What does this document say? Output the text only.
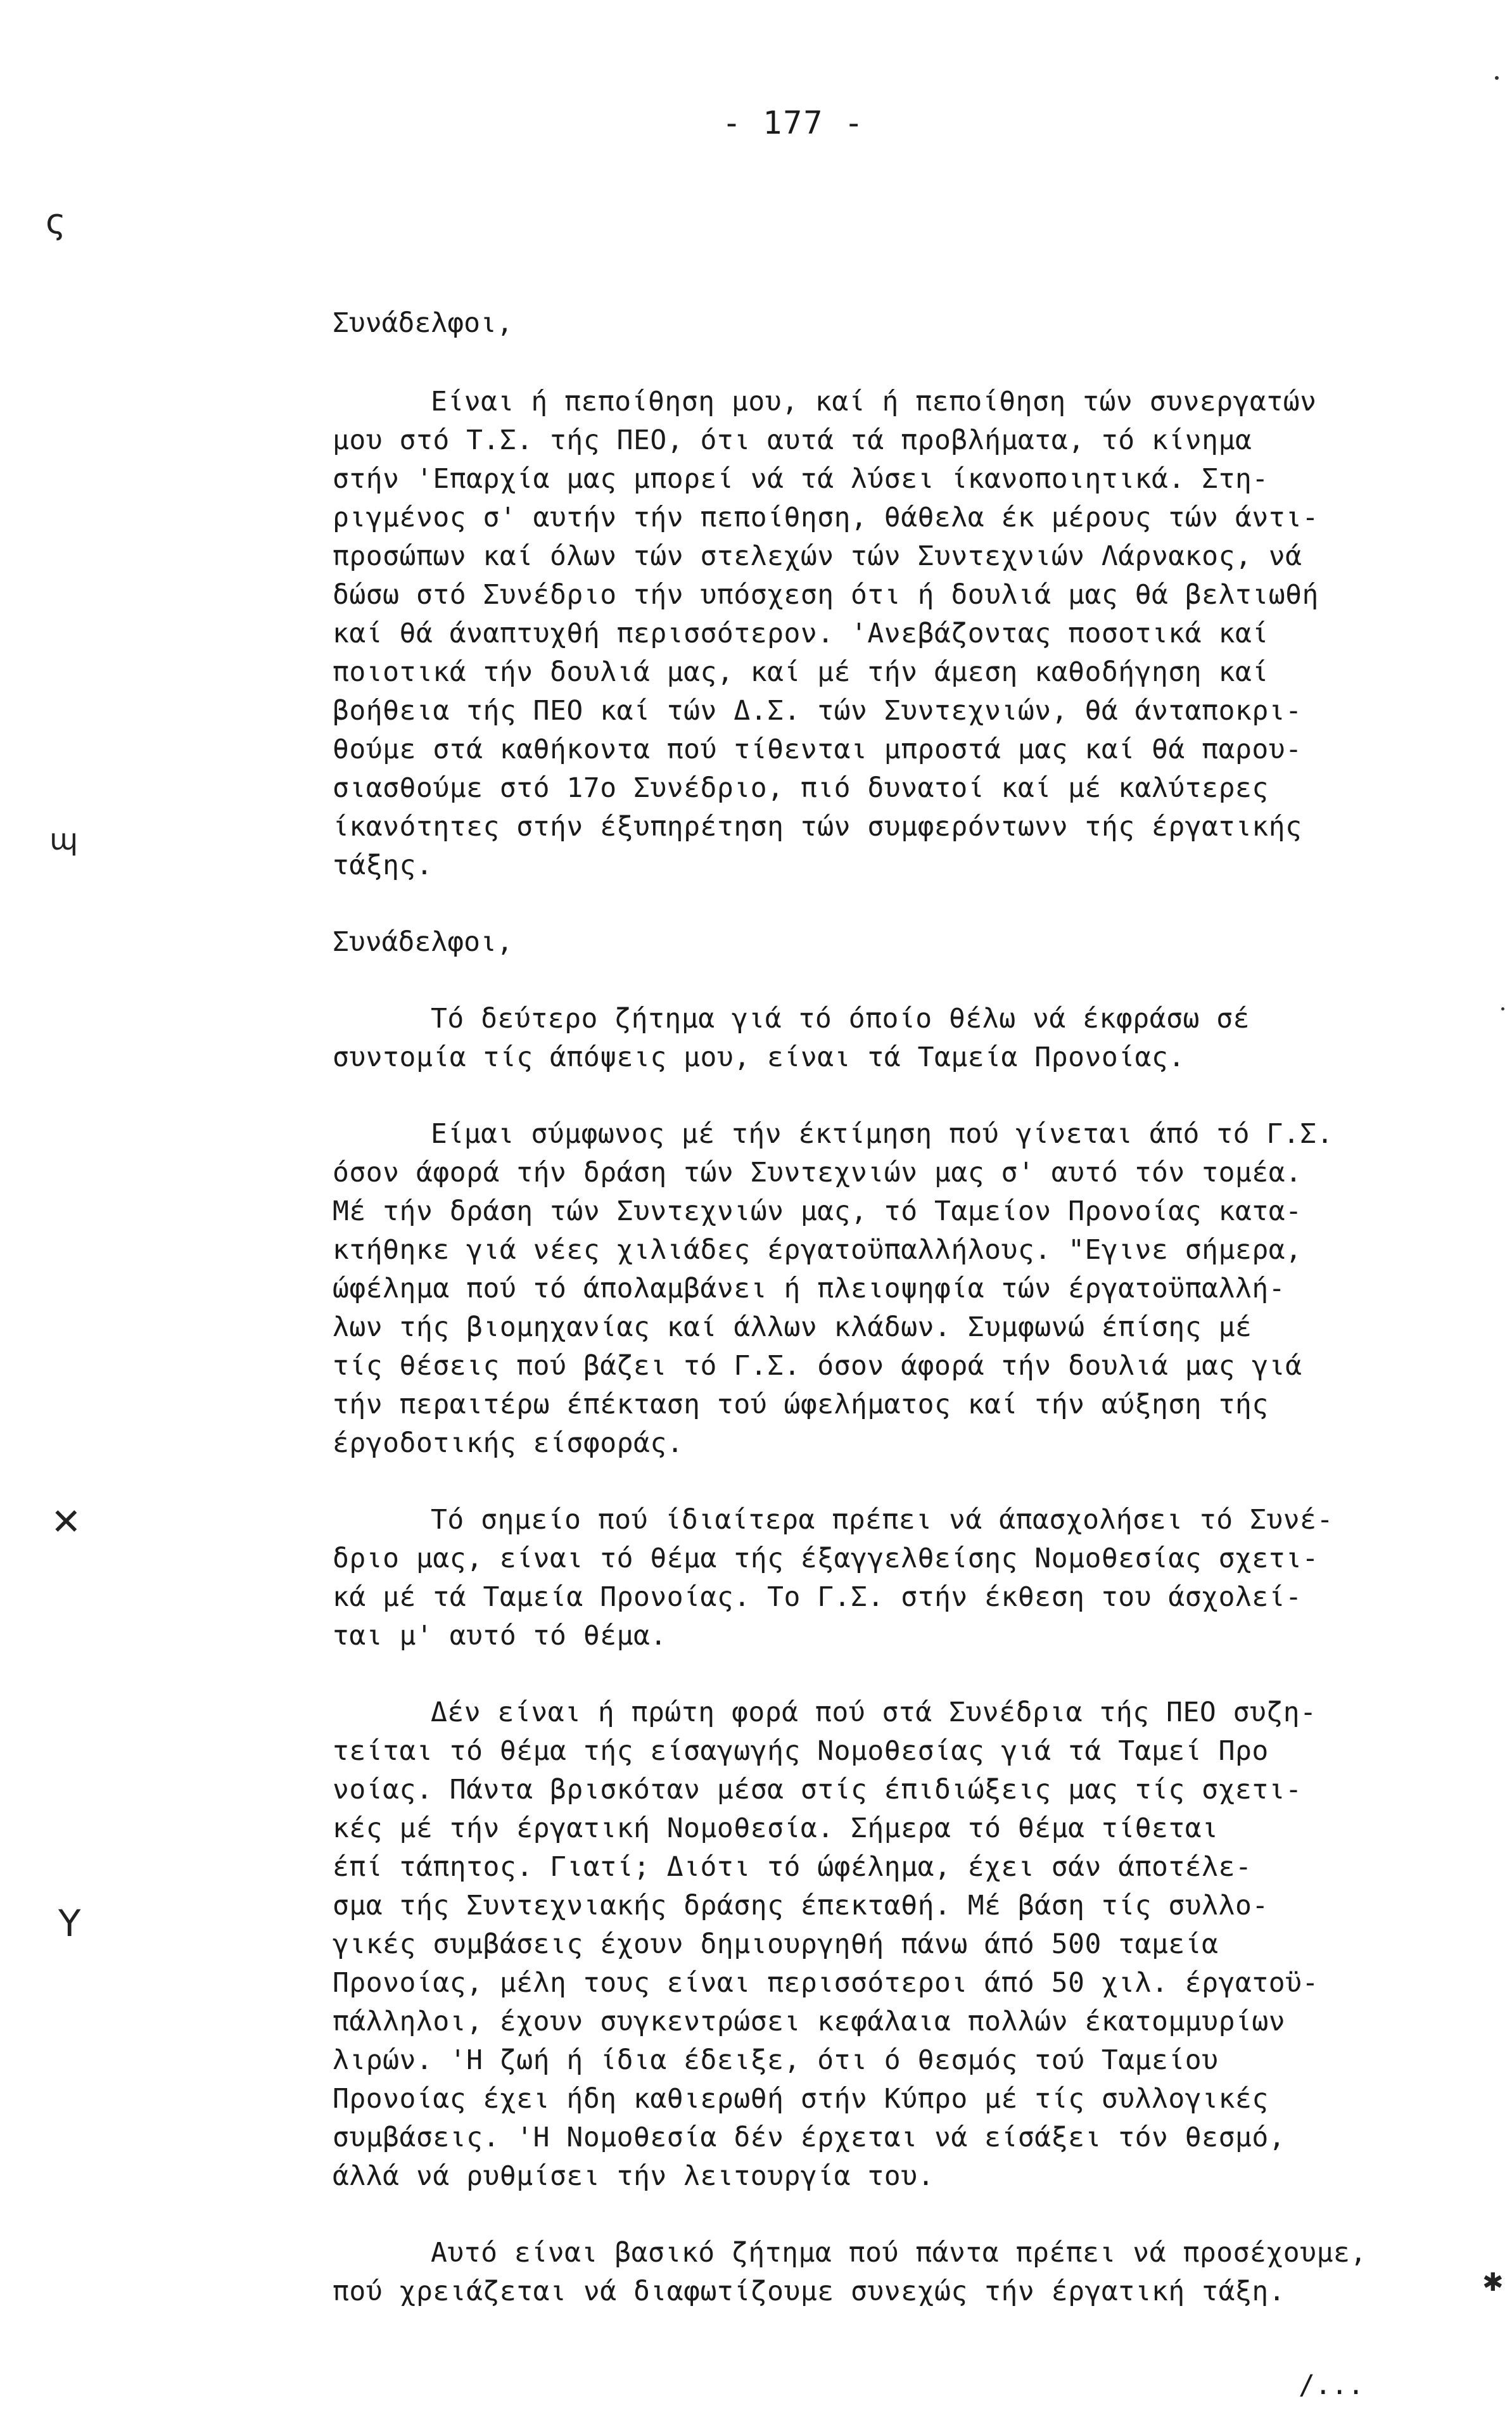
- 177 -
ς
ɰ
✕
Υ
✱
Συνάδελφοι,
Είναι ή πεποίθηση μου, καί ή πεποίθηση τών συνεργατών
μου στό Τ.Σ. τής ΠΕΟ, ότι αυτά τά προβλήματα, τό κίνημα
στήν 'Επαρχία μας μπορεί νά τά λύσει ίκανοποιητικά. Στη-
ριγμένος σ' αυτήν τήν πεποίθηση, θάθελα έκ μέρους τών άντι-
προσώπων καί όλων τών στελεχών τών Συντεχνιών Λάρνακος, νά
δώσω στό Συνέδριο τήν υπόσχεση ότι ή δουλιά μας θά βελτιωθή
καί θά άναπτυχθή περισσότερον. 'Ανεβάζοντας ποσοτικά καί
ποιοτικά τήν δουλιά μας, καί μέ τήν άμεση καθοδήγηση καί
βοήθεια τής ΠΕΟ καί τών Δ.Σ. τών Συντεχνιών, θά άνταποκρι-
θούμε στά καθήκοντα πού τίθενται μπροστά μας καί θά παρου-
σιασθούμε στό 17ο Συνέδριο, πιό δυνατοί καί μέ καλύτερες
ίκανότητες στήν έξυπηρέτηση τών συμφερόντωνν τής έργατικής
τάξης.
Συνάδελφοι,
Τό δεύτερο ζήτημα γιά τό όποίο θέλω νά έκφράσω σέ
συντομία τίς άπόψεις μου, είναι τά Ταμεία Προνοίας.
Είμαι σύμφωνος μέ τήν έκτίμηση πού γίνεται άπό τό Γ.Σ.
όσον άφορά τήν δράση τών Συντεχνιών μας σ' αυτό τόν τομέα.
Μέ τήν δράση τών Συντεχνιών μας, τό Ταμείον Προνοίας κατα-
κτήθηκε γιά νέες χιλιάδες έργατοϋπαλλήλους. "Εγινε σήμερα,
ώφέλημα πού τό άπολαμβάνει ή πλειοψηφία τών έργατοϋπαλλή-
λων τής βιομηχανίας καί άλλων κλάδων. Συμφωνώ έπίσης μέ
τίς θέσεις πού βάζει τό Γ.Σ. όσον άφορά τήν δουλιά μας γιά
τήν περαιτέρω έπέκταση τού ώφελήματος καί τήν αύξηση τής
έργοδοτικής είσφοράς.
Τό σημείο πού ίδιαίτερα πρέπει νά άπασχολήσει τό Συνέ-
δριο μας, είναι τό θέμα τής έξαγγελθείσης Νομοθεσίας σχετι-
κά μέ τά Ταμεία Προνοίας. Το Γ.Σ. στήν έκθεση του άσχολεί-
ται μ' αυτό τό θέμα.
Δέν είναι ή πρώτη φορά πού στά Συνέδρια τής ΠΕΟ συζη-
τείται τό θέμα τής είσαγωγής Νομοθεσίας γιά τά Ταμεί Προ
νοίας. Πάντα βρισκόταν μέσα στίς έπιδιώξεις μας τίς σχετι-
κές μέ τήν έργατική Νομοθεσία. Σήμερα τό θέμα τίθεται
έπί τάπητος. Γιατί; Διότι τό ώφέλημα, έχει σάν άποτέλε-
σμα τής Συντεχνιακής δράσης έπεκταθή. Μέ βάση τίς συλλο-
γικές συμβάσεις έχουν δημιουργηθή πάνω άπό 500 ταμεία
Προνοίας, μέλη τους είναι περισσότεροι άπό 50 χιλ. έργατοϋ-
πάλληλοι, έχουν συγκεντρώσει κεφάλαια πολλών έκατομμυρίων
λιρών. 'Η ζωή ή ίδια έδειξε, ότι ό θεσμός τού Ταμείου
Προνοίας έχει ήδη καθιερωθή στήν Κύπρο μέ τίς συλλογικές
συμβάσεις. 'Η Νομοθεσία δέν έρχεται νά είσάξει τόν θεσμό,
άλλά νά ρυθμίσει τήν λειτουργία του.
Αυτό είναι βασικό ζήτημα πού πάντα πρέπει νά προσέχουμε,
πού χρειάζεται νά διαφωτίζουμε συνεχώς τήν έργατική τάξη.
/...
